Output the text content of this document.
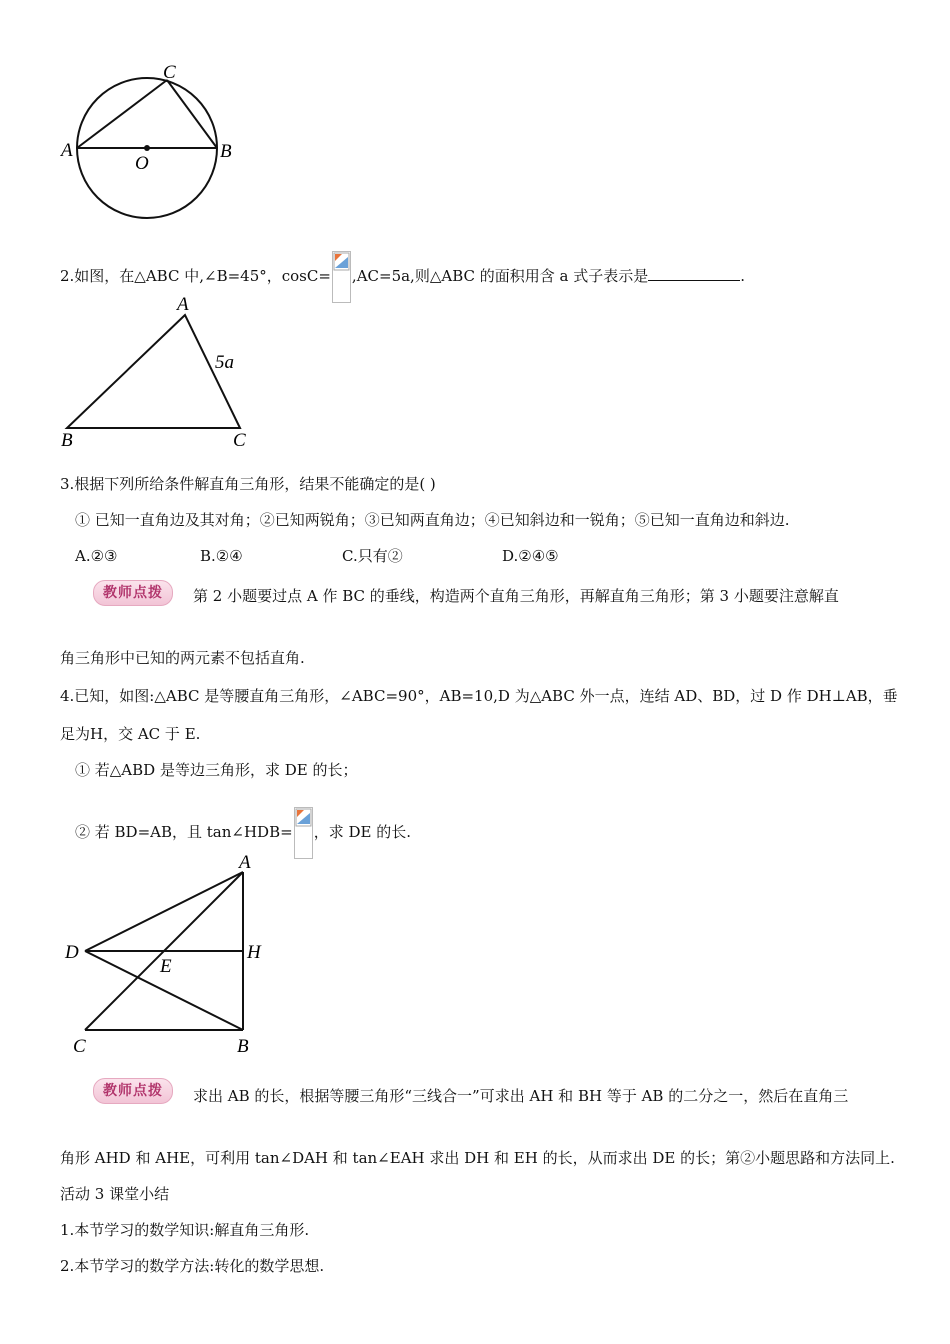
A	B
C
O
2.如图，在△ABC 中,∠B=45°，cosC= ,AC=5a,则△ABC 的面积用含 a 式子表示是	.
A
B	C
5a
3.根据下列所给条件解直角三角形，结果不能确定的是( )
① 已知一直角边及其对角；②已知两锐角；③已知两直角边；④已知斜边和一锐角；⑤已知一直角边和斜边.
A.②③	B.②④	C.只有②	D.②④⑤
教师点拨	第 2 小题要过点 A 作 BC 的垂线，构造两个直角三角形，再解直角三角形；第 3 小题要注意解直
角三角形中已知的两元素不包括直角.
4.已知，如图:△ABC 是等腰直角三角形，∠ABC=90°，AB=10,D 为△ABC 外一点，连结 AD、BD，过 D 作 DH⊥AB，垂
足为H，交 AC 于 E.
① 若△ABD 是等边三角形，求 DE 的长；
② 若 BD=AB，且 tan∠HDB= ，求 DE 的长.
A
D
E
H
C	B
教师点拨	求出 AB 的长，根据等腰三角形“三线合一”可求出 AH 和 BH 等于 AB 的二分之一，然后在直角三
角形 AHD 和 AHE，可利用 tan∠DAH 和 tan∠EAH 求出 DH 和 EH 的长，从而求出 DE 的长；第②小题思路和方法同上.
活动 3 课堂小结
1.本节学习的数学知识:解直角三角形.
2.本节学习的数学方法:转化的数学思想.
